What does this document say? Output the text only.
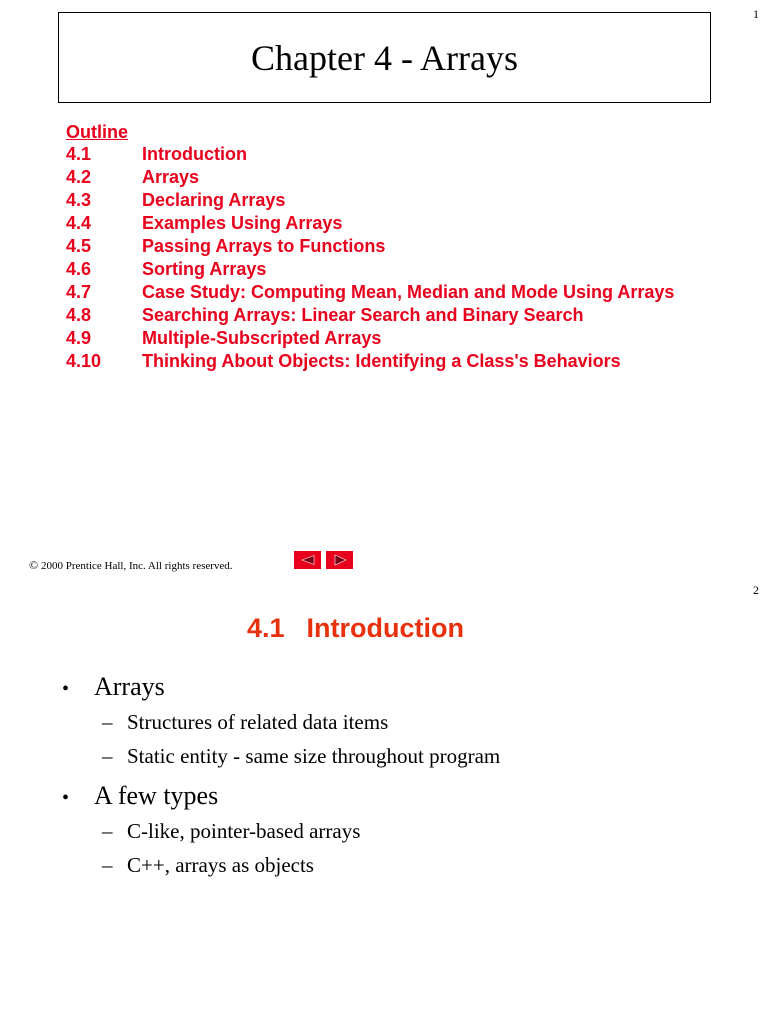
1
Chapter 4 - Arrays
Outline
4.1	Introduction
4.2	Arrays
4.3	Declaring Arrays
4.4	Examples Using Arrays
4.5	Passing Arrays to Functions
4.6	Sorting Arrays
4.7	Case Study: Computing Mean, Median and Mode Using Arrays
4.8	Searching Arrays: Linear Search and Binary Search
4.9	Multiple-Subscripted Arrays
4.10	Thinking About Objects: Identifying a Class's Behaviors
© 2000 Prentice Hall, Inc. All rights reserved.
2
4.1 Introduction
• Arrays
– Structures of related data items
– Static entity - same size throughout program
• A few types
– C-like, pointer-based arrays
– C++, arrays as objects
